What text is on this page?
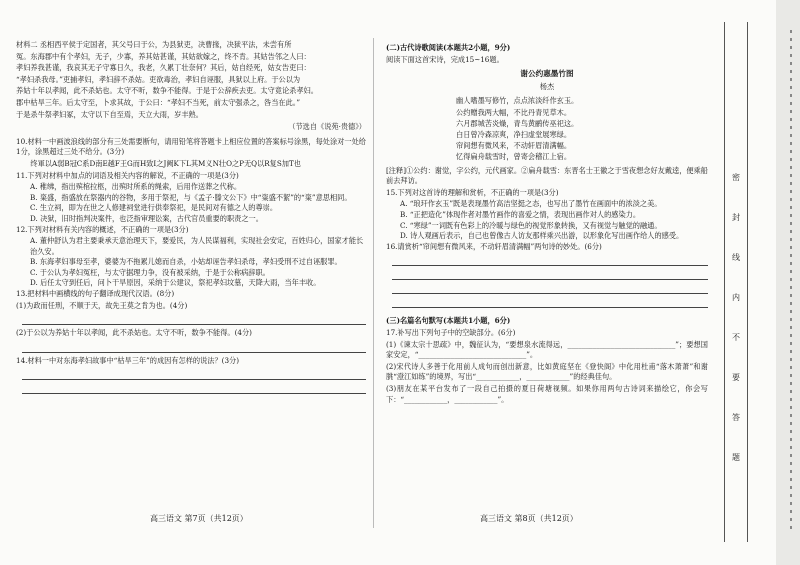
材料二 丞相西平侯于定国者，其父号曰于公，为县狱吏，决曹掾，决狱平法，未尝有所

冤。东海郡中有个孝妇，无子，少寡，养其姑甚谨，其姑欲嫁之，终不肯。其姑告邻之人曰：

孝妇养我甚谨，我哀其无子守寡日久，我老，久累丁壮奈何？其后，姑自经死，姑女告吏曰：

“孝妇杀我母。”吏捕孝妇，孝妇辞不杀姑。吏欲毒治，孝妇自诬服，具狱以上府。于公以为

养姑十年以孝闻，此不杀姑也。太守不听，数争不能得。于是于公辞疾去吏。太守竟论杀孝妇。

郡中枯旱三年。后太守至，卜求其故，于公曰：“孝妇不当死，前太守强杀之，咎当在此。”

于是杀牛祭孝妇冢，太守以下自至焉，天立大雨，岁丰熟。

（节选自《说苑·贵德》）

10.材料一中画波浪线的部分有三处需要断句，请用铅笔将答题卡上相应位置的答案标号涂黑，每处涂对一处给1分，涂黑超过三处不给分。(3分)

终軍以A弱B冠C系D南E越F王G而H致I之J阙K下L其M义N壮O之P无Q以R复S加T也

11.下列对材料中加点的词语及相关内容的解说，不正确的一项是(3分)

A. 稚绋，指出殡棺拉柩，出殡时所系的绳索，后用作送葬之代称。

B. 粢盛，指盛放在祭器内的谷物，多用于祭祀，与《孟子·滕文公下》中“粢盛不絜”的“粢”意思相同。

C. 生立祠，即为在世之人修建祠堂进行供奉祭祀，是民间对有德之人的尊崇。

D. 决狱，旧时指判决案件，也泛指审理讼案，古代官员重要的职责之一。

12.下列对材料有关内容的概述，不正确的一项是(3分)

A. 董仲舒认为君主要秉承天意治理天下，要爱民，为人民谋福利，实现社会安定，百姓归心，国家才能长治久安。

B. 东海孝妇事母至孝，婆婆为不拖累儿媳而自杀，小姑却诬告孝妇杀母，孝妇受刑不过自诬服罪。

C. 于公认为孝妇冤枉，与太守据理力争，没有被采纳，于是于公称病辞职。

D. 后任太守到任后，问卜干旱原因，采纳于公建议，祭祀孝妇坟墓，天降大雨，当年丰收。

13.把材料中画横线的句子翻译成现代汉语。(8分)

(1)为政而任刑，不顺于天，故先王莫之肯为也。(4分)

(2)于公以为养姑十年以孝闻，此不杀姑也。太守不听，数争不能得。(4分)

14.材料一中对东海孝妇故事中“枯旱三年”的成因有怎样的说法？(3分)

(二)古代诗歌阅读(本题共2小题，9分)

阅读下面这首宋诗，完成15~16题。

谢公约惠墨竹图

杨杰

幽人嗜墨写修竹，点点浓淡纤作玄玉。

公约赠我两大幅，不比丹青见草木。

六月郡城苦炎燥，青鸟黄鹂传巫祀这。

白日曾冷森凉爽，净扫虚堂展寒绿。

帘间想有微风来，不动轩眉清满幅。

忆得扁舟载雪时，曾寄会稽江上宿。

[注释]①公约：谢觉，字公约，元代画家。②扁舟载雪：东晋名士王徽之于雪夜想念好友戴逵，便乘船前去拜访。

15.下列对这首诗的理解和赏析，不正确的一项是(3分)

A. “琅玕作玄玉”既是表现墨竹高洁坚挺之态，也写出了墨竹在画面中的浓淡之美。

B. “正把造化”体现作者对墨竹画作的喜爱之情，表现出画作对人的感染力。

C. “寒绿”一词既有色彩上的冷暖与绿色的视觉形象转换，又有视觉与触觉的融通。

D. 诗人观画后表示，自己也曾像古人访友那样乘兴出游，以形象化写出画作给人的感受。

16.请赏析“帘间想有微风来，不动轩眉清满幅”两句诗的妙处。(6分)

(三)名篇名句默写(本题共1小题，6分)

17.补写出下列句子中的空缺部分。(6分)

(1)《谏太宗十思疏》中，魏征认为，“要想泉水流得远，______________________________”；要想国家安定，“______________________________”。

(2)宋代诗人多善于化用前人成句而创出新意，比如黄庭坚在《登快阁》中化用杜甫“落木萧萧”和谢朓“澄江如练”的境界，写出“____________，____________”的经典佳句。

(3)朋友在某平台发布了一段自己拍摄的夏日荷塘视频。如果你用两句古诗词来描绘它，你会写下：“____________，____________”。

高三语文 第7页（共12页）	高三语文 第8页（共12页）
密
封
线
内
不
要
答
题
